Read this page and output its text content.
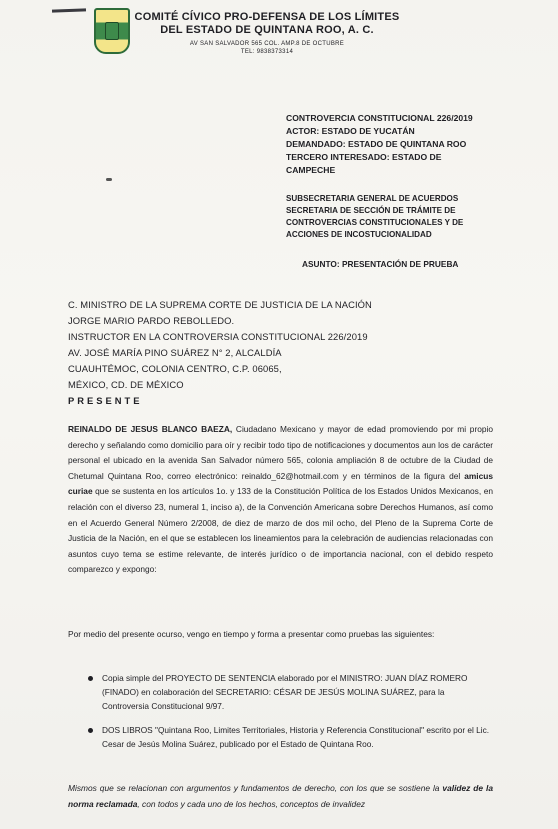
COMITÉ CÍVICO PRO-DEFENSA DE LOS LÍMITES
DEL ESTADO DE QUINTANA ROO, A. C.
AV SAN SALVADOR 565 COL. AMP.8 DE OCTUBRE
TEL: 9838373314
CONTROVERCIA CONSTITUCIONAL 226/2019
ACTOR: ESTADO DE YUCATÁN
DEMANDADO: ESTADO DE QUINTANA ROO
TERCERO INTERESADO: ESTADO DE
CAMPECHE
SUBSECRETARIA GENERAL DE ACUERDOS
SECRETARIA DE SECCIÓN DE TRÁMITE DE
CONTROVERCIAS CONSTITUCIONALES Y DE
ACCIONES DE INCOSTUCIONALIDAD
ASUNTO: PRESENTACIÓN DE PRUEBA
C. MINISTRO DE LA SUPREMA CORTE DE JUSTICIA DE LA NACIÓN
JORGE MARIO PARDO REBOLLEDO.
INSTRUCTOR EN LA CONTROVERSIA CONSTITUCIONAL 226/2019
AV. JOSÉ MARÍA PINO SUÁREZ N° 2, ALCALDÍA
CUAUHTÉMOC, COLONIA CENTRO, C.P. 06065,
MÉXICO, CD. DE MÉXICO
PRESENTE
REINALDO DE JESUS BLANCO BAEZA, Ciudadano Mexicano y mayor de edad promoviendo por mi propio derecho y señalando como domicilio para oír y recibir todo tipo de notificaciones y documentos aun los de carácter personal el ubicado en la avenida San Salvador número 565, colonia ampliación 8 de octubre de la Ciudad de Chetumal Quintana Roo, correo electrónico: reinaldo_62@hotmail.com y en términos de la figura del amicus curiae que se sustenta en los artículos 1o. y 133 de la Constitución Política de los Estados Unidos Mexicanos, en relación con el diverso 23, numeral 1, inciso a), de la Convención Americana sobre Derechos Humanos, así como en el Acuerdo General Número 2/2008, de diez de marzo de dos mil ocho, del Pleno de la Suprema Corte de Justicia de la Nación, en el que se establecen los lineamientos para la celebración de audiencias relacionadas con asuntos cuyo tema se estime relevante, de interés jurídico o de importancia nacional, con el debido respeto comparezco y expongo:
Por medio del presente ocurso, vengo en tiempo y forma a presentar como pruebas las siguientes:
Copia simple del PROYECTO DE SENTENCIA elaborado por el MINISTRO: JUAN DÍAZ ROMERO (FINADO) en colaboración del SECRETARIO: CÉSAR DE JESÚS MOLINA SUÁREZ, para la Controversia Constitucional 9/97.
DOS LIBROS "Quintana Roo, Limites Territoriales, Historia y Referencia Constitucional" escrito por el Lic. Cesar de Jesús Molina Suárez, publicado por el Estado de Quintana Roo.
Mismos que se relacionan con argumentos y fundamentos de derecho, con los que se sostiene la validez de la norma reclamada, con todos y cada uno de los hechos, conceptos de invalidez
